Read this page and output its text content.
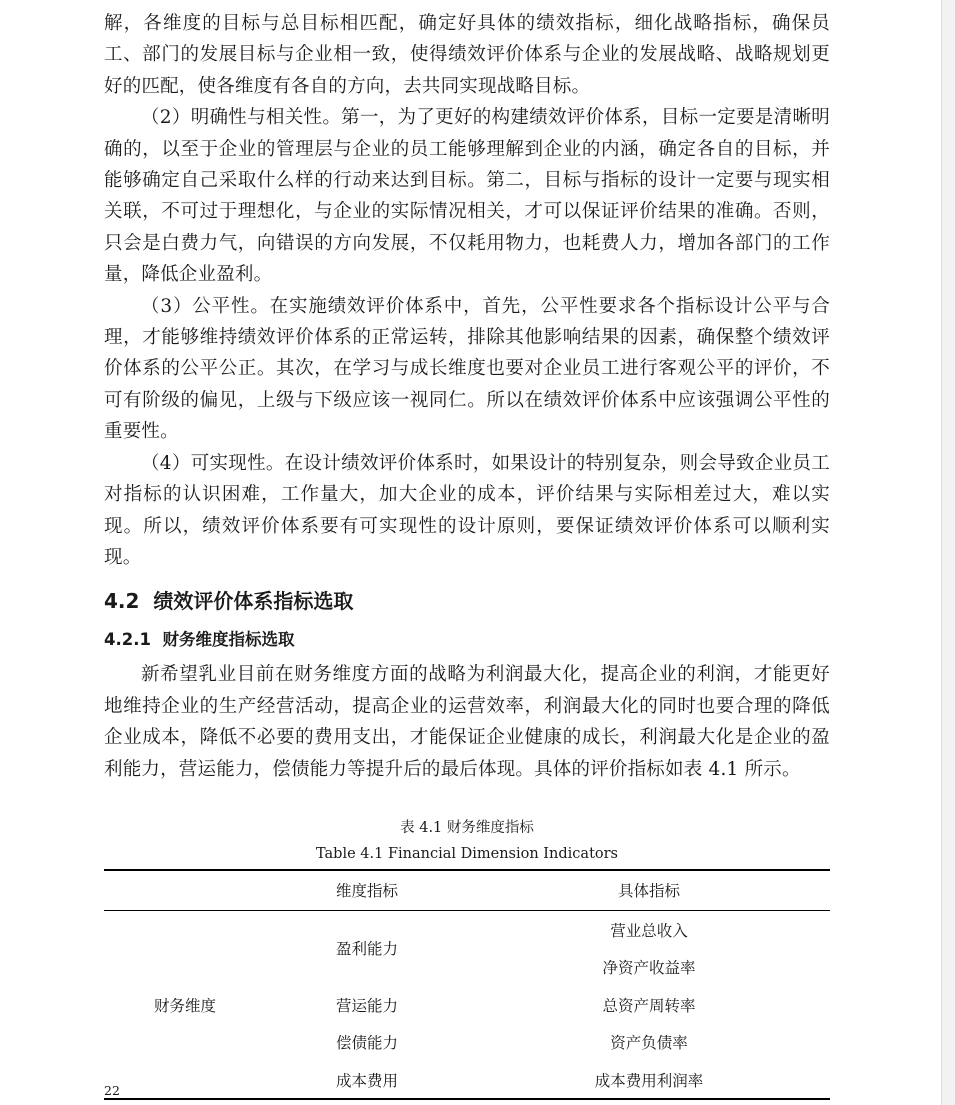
解，各维度的目标与总目标相匹配，确定好具体的绩效指标，细化战略指标，确保员工、部门的发展目标与企业相一致，使得绩效评价体系与企业的发展战略、战略规划更好的匹配，使各维度有各自的方向，去共同实现战略目标。

（2）明确性与相关性。第一，为了更好的构建绩效评价体系，目标一定要是清晰明确的，以至于企业的管理层与企业的员工能够理解到企业的内涵，确定各自的目标，并能够确定自己采取什么样的行动来达到目标。第二，目标与指标的设计一定要与现实相关联，不可过于理想化，与企业的实际情况相关，才可以保证评价结果的准确。否则，只会是白费力气，向错误的方向发展，不仅耗用物力，也耗费人力，增加各部门的工作量，降低企业盈利。

（3）公平性。在实施绩效评价体系中，首先，公平性要求各个指标设计公平与合理，才能够维持绩效评价体系的正常运转，排除其他影响结果的因素，确保整个绩效评价体系的公平公正。其次，在学习与成长维度也要对企业员工进行客观公平的评价，不可有阶级的偏见，上级与下级应该一视同仁。所以在绩效评价体系中应该强调公平性的重要性。

（4）可实现性。在设计绩效评价体系时，如果设计的特别复杂，则会导致企业员工对指标的认识困难，工作量大，加大企业的成本，评价结果与实际相差过大，难以实现。所以，绩效评价体系要有可实现性的设计原则，要保证绩效评价体系可以顺利实现。

4.2 绩效评价体系指标选取
4.2.1 财务维度指标选取

新希望乳业目前在财务维度方面的战略为利润最大化，提高企业的利润，才能更好地维持企业的生产经营活动，提高企业的运营效率，利润最大化的同时也要合理的降低企业成本，降低不必要的费用支出，才能保证企业健康的成长，利润最大化是企业的盈利能力，营运能力，偿债能力等提升后的最后体现。具体的评价指标如表 4.1 所示。

表 4.1 财务维度指标
Table 4.1 Financial Dimension Indicators
	维度指标	具体指标
财务维度	盈利能力	营业总收入
		净资产收益率
	营运能力	总资产周转率
	偿债能力	资产负债率
	成本费用	成本费用利润率
22
